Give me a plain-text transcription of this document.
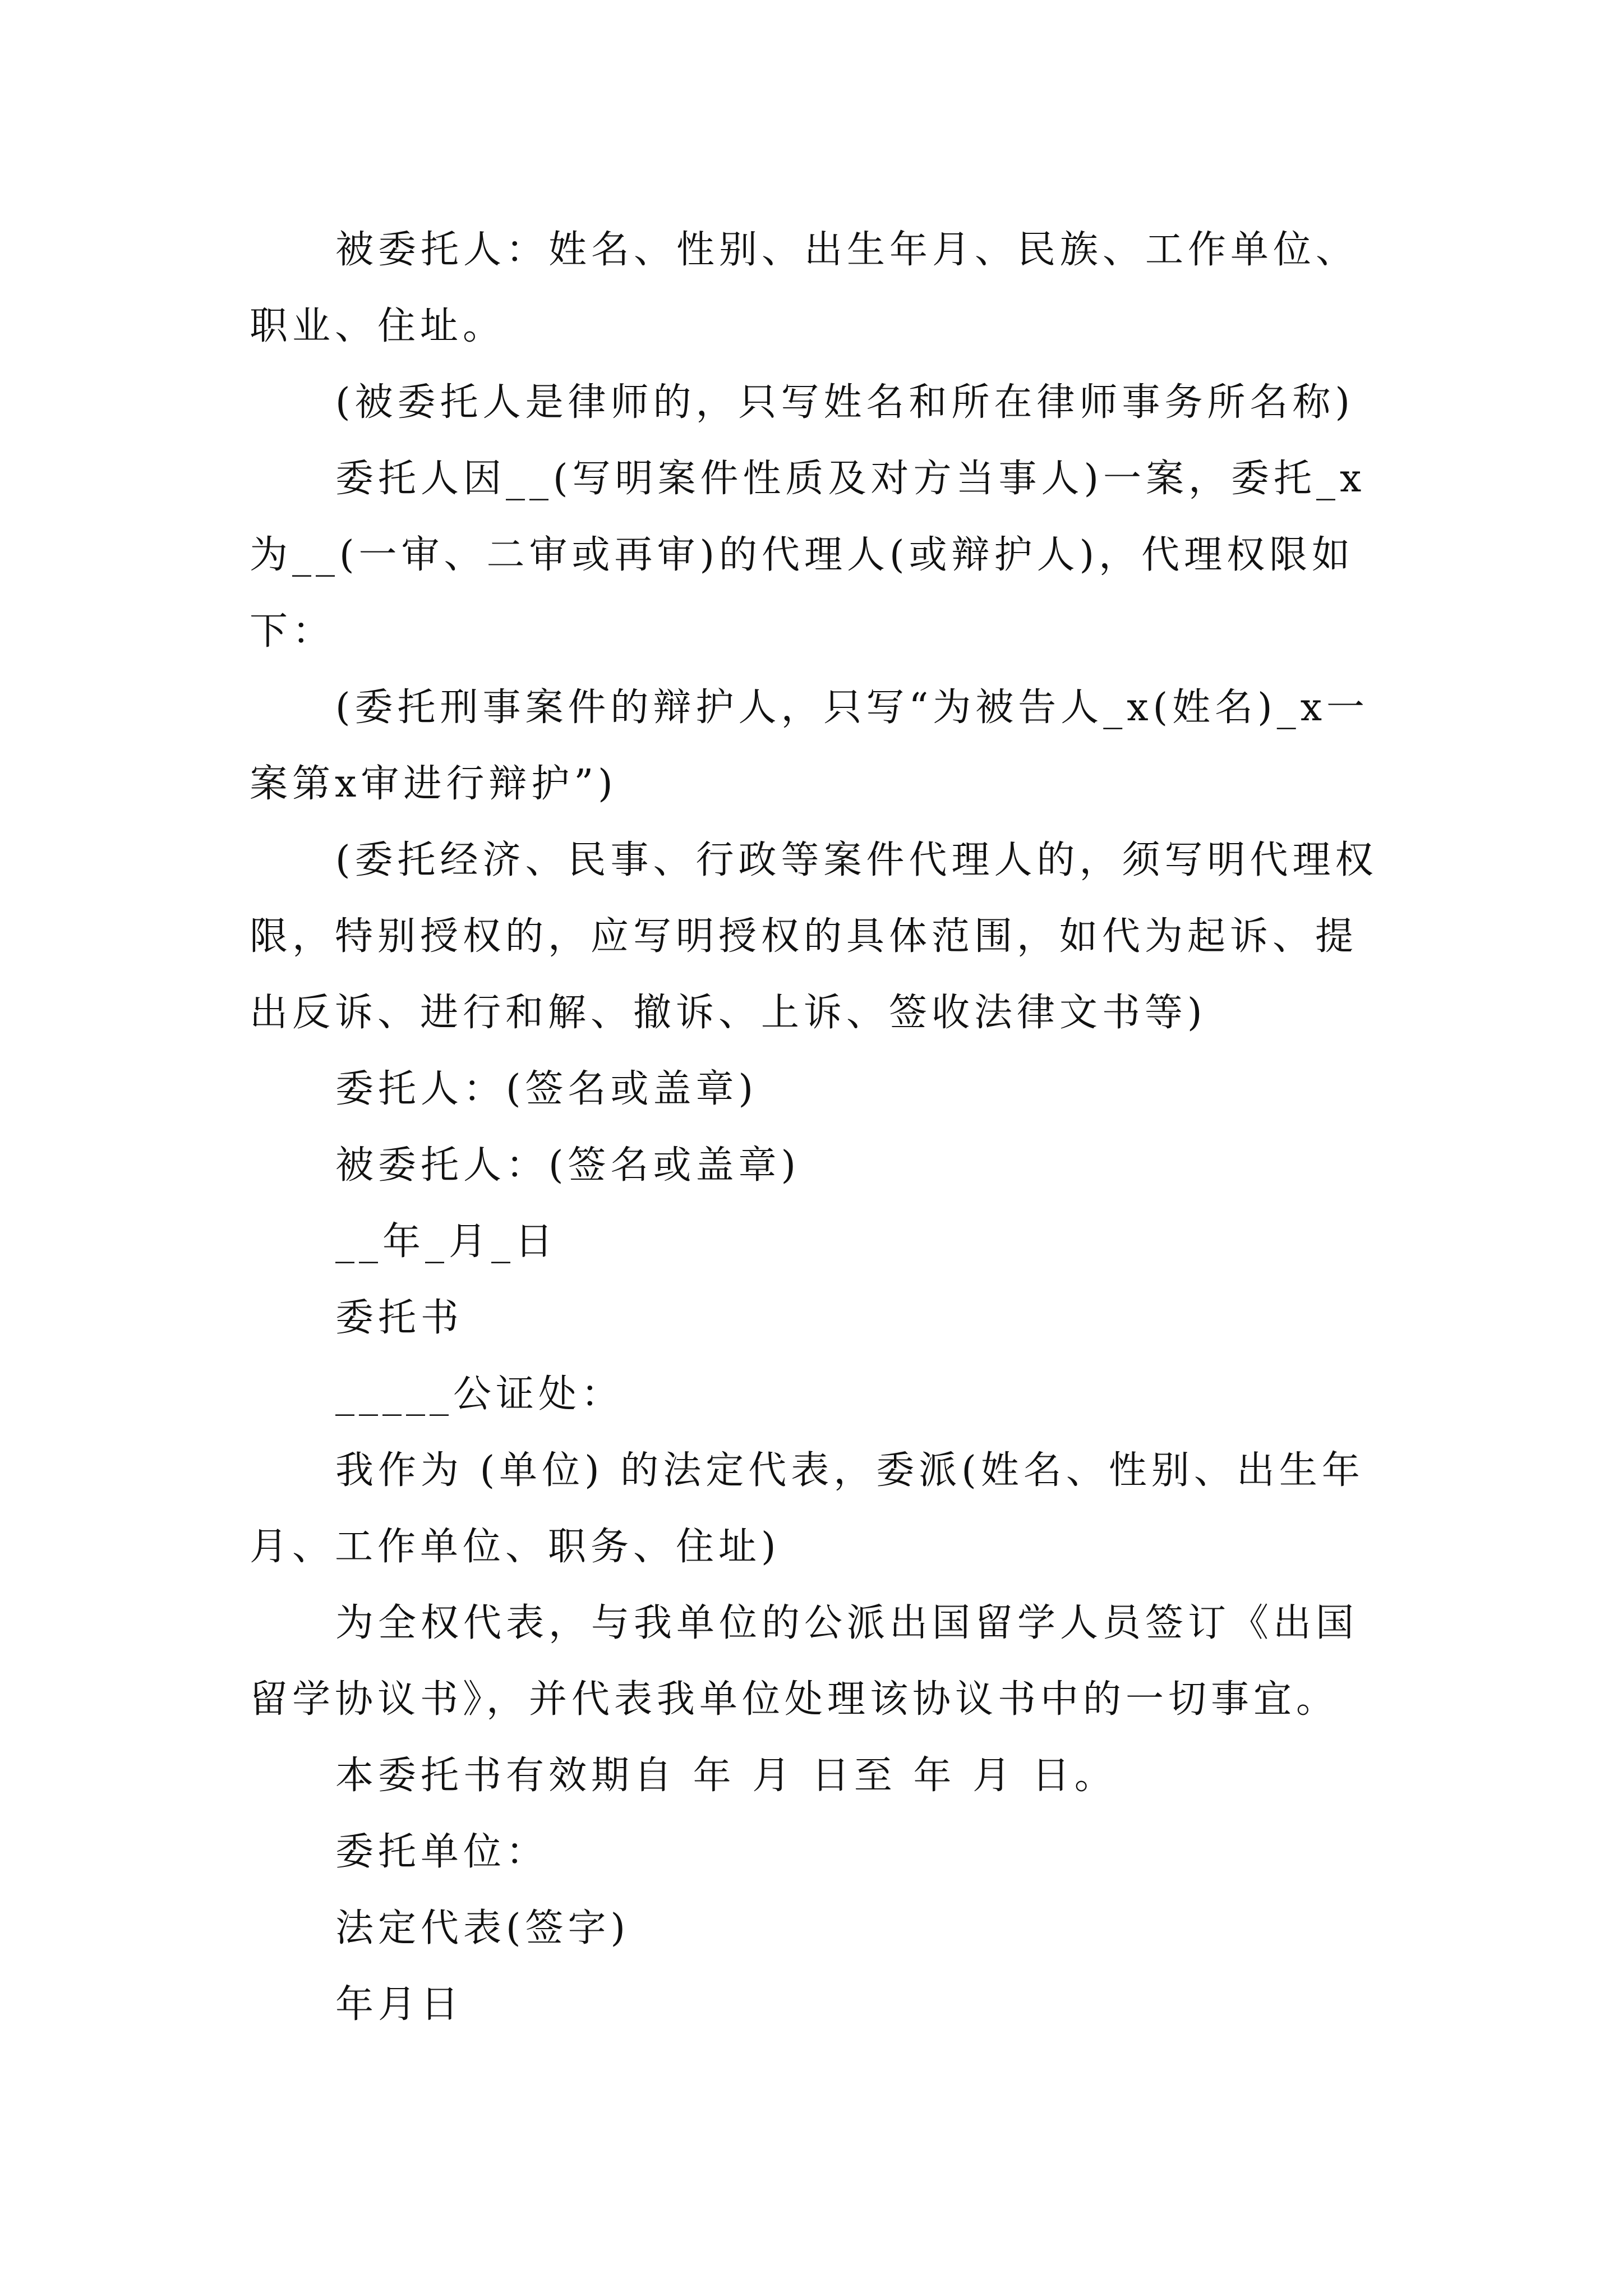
被委托人：姓名、性别、出生年月、民族、工作单位、职业、住址。

(被委托人是律师的，只写姓名和所在律师事务所名称)

委托人因__(写明案件性质及对方当事人)一案，委托_x为__(一审、二审或再审)的代理人(或辩护人)，代理权限如下：

(委托刑事案件的辩护人，只写“为被告人_x(姓名)_x一案第x审进行辩护”)

(委托经济、民事、行政等案件代理人的，须写明代理权限，特别授权的，应写明授权的具体范围，如代为起诉、提出反诉、进行和解、撤诉、上诉、签收法律文书等)

委托人：(签名或盖章)

被委托人：(签名或盖章)

__年_月_日

委托书

_____公证处：

我作为 (单位) 的法定代表，委派(姓名、性别、出生年月、工作单位、职务、住址)

为全权代表，与我单位的公派出国留学人员签订《出国留学协议书》，并代表我单位处理该协议书中的一切事宜。

本委托书有效期自 年 月 日至 年 月 日。

委托单位：

法定代表(签字)

年月日
